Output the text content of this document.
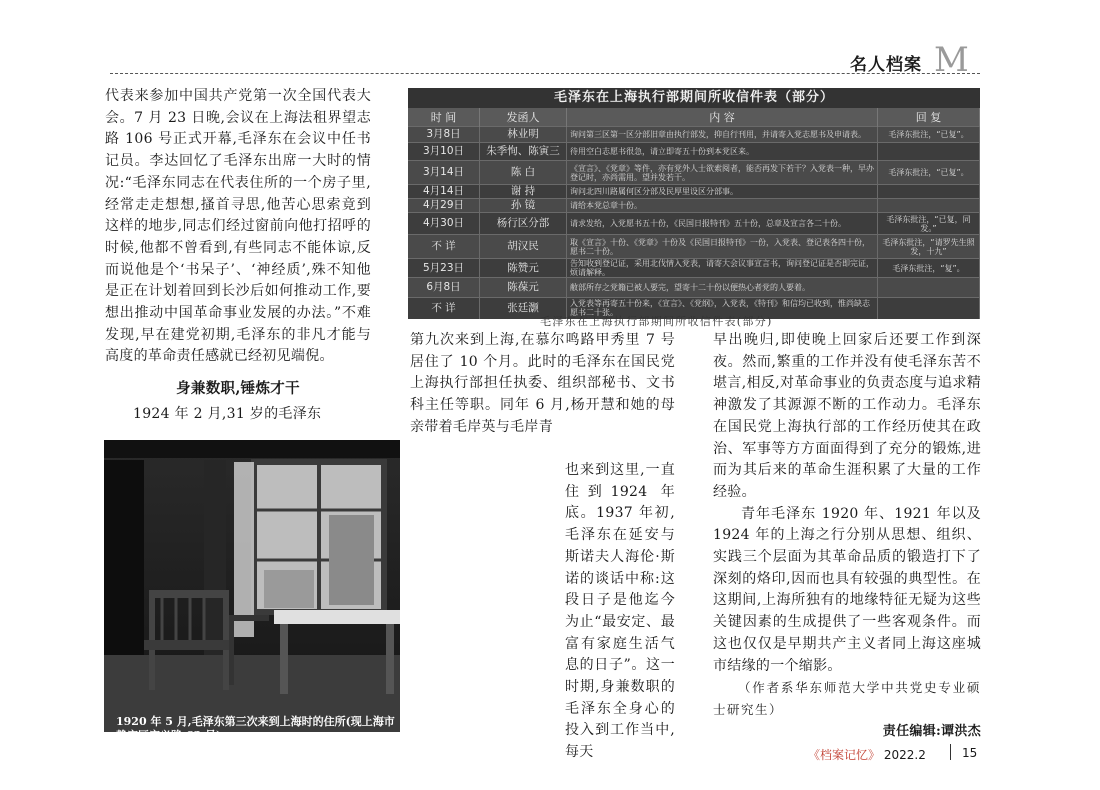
名人档案 M

代表来参加中国共产党第一次全国代表大会。7 月 23 日晚,会议在上海法租界望志路 106 号正式开幕,毛泽东在会议中任书记员。李达回忆了毛泽东出席一大时的情况:“毛泽东同志在代表住所的一个房子里,经常走走想想,搔首寻思,他苦心思索竟到这样的地步,同志们经过窗前向他打招呼的时候,他都不曾看到,有些同志不能体谅,反而说他是个‘书呆子’、‘神经质’,殊不知他是正在计划着回到长沙后如何推动工作,要想出推动中国革命事业发展的办法。”不难发现,早在建党初期,毛泽东的非凡才能与高度的革命责任感就已经初见端倪。

身兼数职,锤炼才干

1924 年 2 月,31 岁的毛泽东

毛泽东在上海执行部期间所收信件表（部分）
时 间	发函人	内 容	回 复
3月8日	林业明	询问第三区第一区分部旧章由执行部发，抑自行刊用，并请寄入党志愿书及申请表。	毛泽东批注，“已复”。
3月10日	朱季恂、陈寅三	待用空白志愿书很急，请立即寄五十份到本党区来。	
3月14日	陈 白	《宣言》、《党章》等件，亦有党外人士欲索阅者，能否再发下若干？入党表一种，早办登记时，亦尚需用。望并发若干。	毛泽东批注，“已复”。
4月14日	谢 持	询问北四川路属何区分部及民厚里设区分部事。	
4月29日	孙 镜	请给本党总章十份。	
4月30日	杨行区分部	请求发给，入党愿书五十份，《民国日报特刊》五十份，总章及宣言各二十份。	毛泽东批注，“已复，同发。”
不 详	胡汉民	取《宣言》十份、《党章》十份及《民国日报特刊》一份，入党表、登记表各四十份，愿书二十份。	毛泽东批注，“请罗先生照发，十九”
5月23日	陈赞元	告知收到登记证，采用北伐情入党表，请寄大会议事宣言书，询问登记证是否即完证，烦请解释。	毛泽东批注，“复”。
6月8日	陈葆元	敝部所存之党籍已被人要完，望寄十二十份以便热心者党的人要着。	
不 详	张廷灏	入党表等再寄五十份来，《宣言》、《党纲》，入党表，《特刊》和信均已收到，惟尚缺志愿书二十张。	
毛泽东在上海执行部期间所收信件表(部分)

第九次来到上海,在慕尔鸣路甲秀里 7 号居住了 10 个月。此时的毛泽东在国民党上海执行部担任执委、组织部秘书、文书科主任等职。同年 6 月,杨开慧和她的母亲带着毛岸英与毛岸青

也来到这里,一直住到1924 年底。1937 年初,毛泽东在延安与斯诺夫人海伦·斯诺的谈话中称:这段日子是他迄今为止“最安定、最富有家庭生活气息的日子”。这一时期,身兼数职的毛泽东全身心的投入到工作当中,每天

早出晚归,即使晚上回家后还要工作到深夜。然而,繁重的工作并没有使毛泽东苦不堪言,相反,对革命事业的负责态度与追求精神激发了其源源不断的工作动力。毛泽东在国民党上海执行部的工作经历使其在政治、军事等方方面面得到了充分的锻炼,进而为其后来的革命生涯积累了大量的工作经验。

青年毛泽东 1920 年、1921 年以及 1924 年的上海之行分别从思想、组织、实践三个层面为其革命品质的锻造打下了深刻的烙印,因而也具有较强的典型性。在这期间,上海所独有的地缘特征无疑为这些关键因素的生成提供了一些客观条件。而这也仅仅是早期共产主义者同上海这座城市结缘的一个缩影。

（作者系华东师范大学中共党史专业硕士研究生）

责任编辑:谭洪杰

1920 年 5 月,毛泽东第三次来到上海时的住所(现上海市静安区安义路 63 号)
《档案记忆》 2022.2	15
